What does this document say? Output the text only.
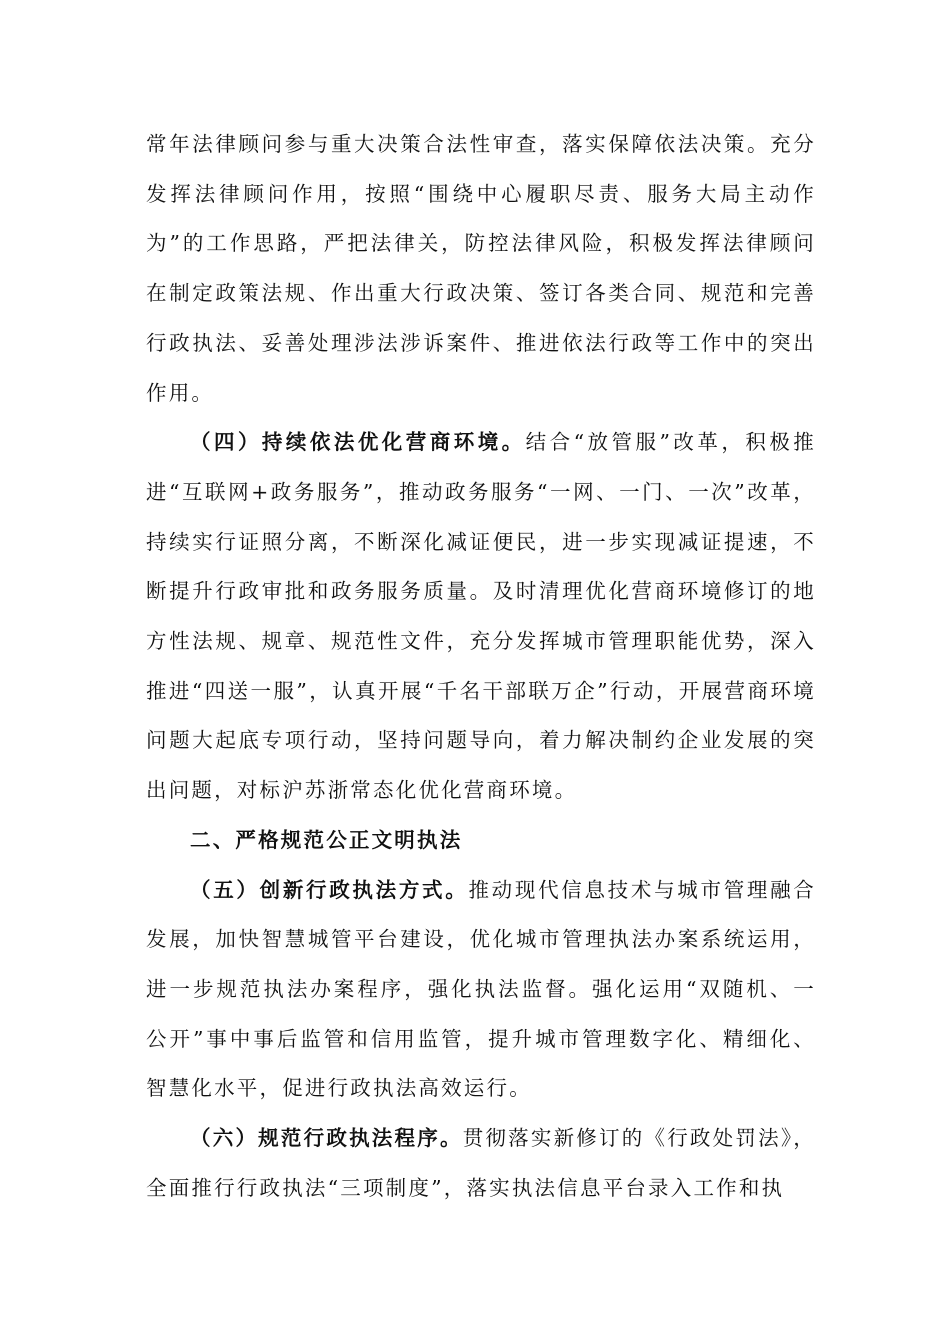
常年法律顾问参与重大决策合法性审查，落实保障依法决策。充分发挥法律顾问作用，按照“围绕中心履职尽责、服务大局主动作为”的工作思路，严把法律关，防控法律风险，积极发挥法律顾问在制定政策法规、作出重大行政决策、签订各类合同、规范和完善行政执法、妥善处理涉法涉诉案件、推进依法行政等工作中的突出作用。

（四）持续依法优化营商环境。结合“放管服”改革，积极推进“互联网+政务服务”，推动政务服务“一网、一门、一次”改革，持续实行证照分离，不断深化减证便民，进一步实现减证提速，不断提升行政审批和政务服务质量。及时清理优化营商环境修订的地方性法规、规章、规范性文件，充分发挥城市管理职能优势，深入推进“四送一服”，认真开展“千名干部联万企”行动，开展营商环境问题大起底专项行动，坚持问题导向，着力解决制约企业发展的突出问题，对标沪苏浙常态化优化营商环境。

二、严格规范公正文明执法

（五）创新行政执法方式。推动现代信息技术与城市管理融合发展，加快智慧城管平台建设，优化城市管理执法办案系统运用，进一步规范执法办案程序，强化执法监督。强化运用“双随机、一公开”事中事后监管和信用监管，提升城市管理数字化、精细化、智慧化水平，促进行政执法高效运行。

（六）规范行政执法程序。贯彻落实新修订的《行政处罚法》，全面推行行政执法“三项制度”，落实执法信息平台录入工作和执
